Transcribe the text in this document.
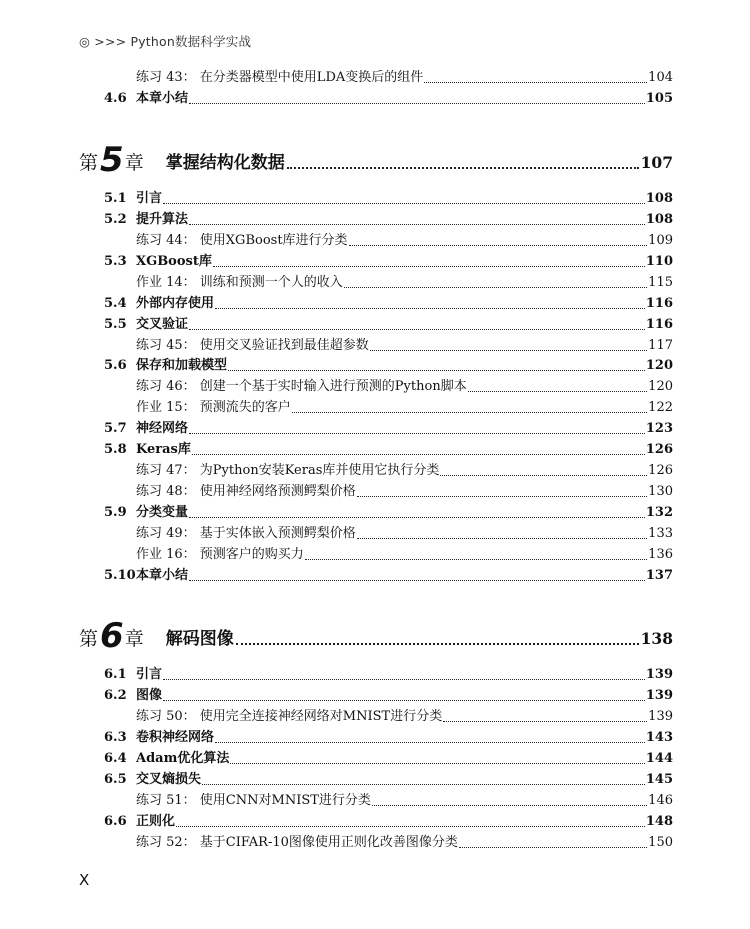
◎ >>> Python数据科学实战
练习 43： 在分类器模型中使用LDA变换后的组件	104
4.6 本章小结	105
第 5 章 掌握结构化数据	107
5.1 引言	108
5.2 提升算法	108
练习 44： 使用XGBoost库进行分类	109
5.3 XGBoost库	110
作业 14： 训练和预测一个人的收入	115
5.4 外部内存使用	116
5.5 交叉验证	116
练习 45： 使用交叉验证找到最佳超参数	117
5.6 保存和加载模型	120
练习 46： 创建一个基于实时输入进行预测的Python脚本	120
作业 15： 预测流失的客户	122
5.7 神经网络	123
5.8 Keras库	126
练习 47： 为Python安装Keras库并使用它执行分类	126
练习 48： 使用神经网络预测鳄梨价格	130
5.9 分类变量	132
练习 49： 基于实体嵌入预测鳄梨价格	133
作业 16： 预测客户的购买力	136
5.10 本章小结	137
第 6 章 解码图像	138
6.1 引言	139
6.2 图像	139
练习 50： 使用完全连接神经网络对MNIST进行分类	139
6.3 卷积神经网络	143
6.4 Adam优化算法	144
6.5 交叉熵损失	145
练习 51： 使用CNN对MNIST进行分类	146
6.6 正则化	148
练习 52： 基于CIFAR-10图像使用正则化改善图像分类	150
X
